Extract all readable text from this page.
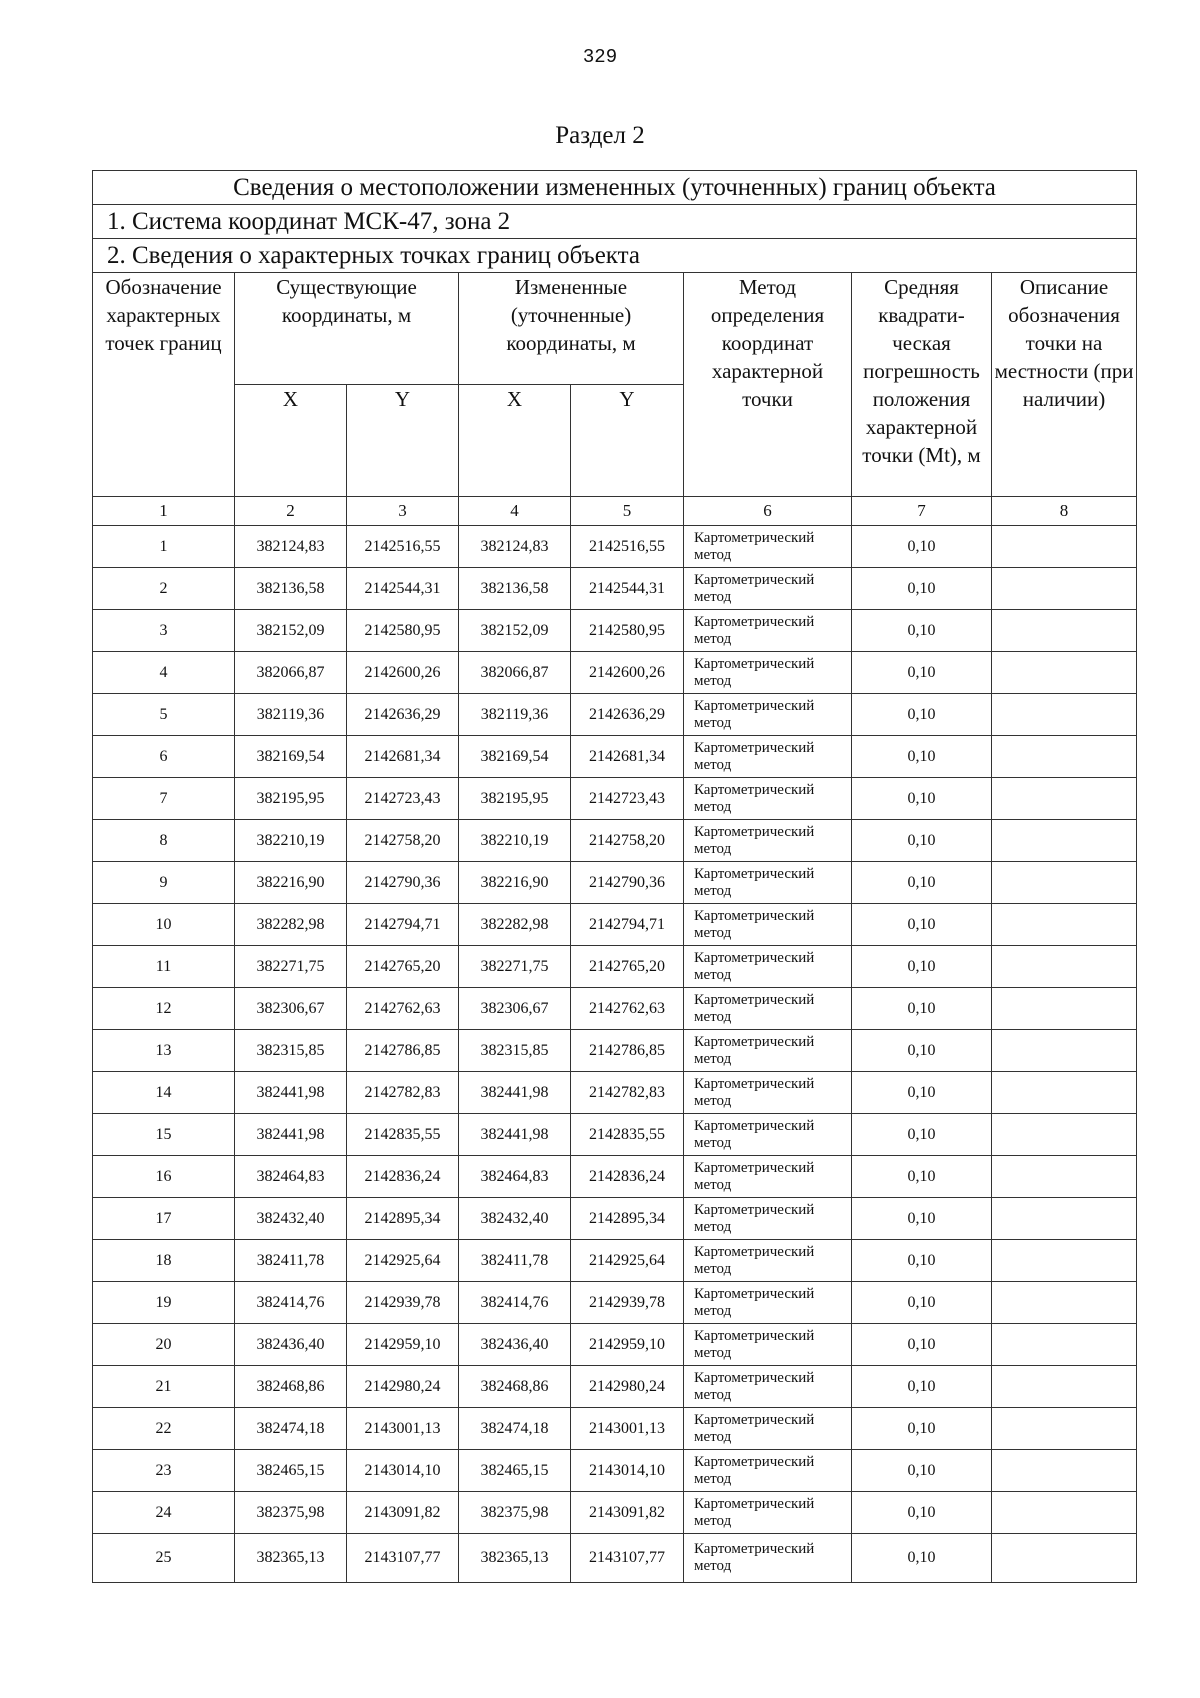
329
Раздел 2
Сведения о местоположении измененных (уточненных) границ объекта							
1. Система координат МСК-47, зона 2							
2. Сведения о характерных точках границ объекта							
Обозначение характерных точек границ	Существующие координаты, м		Измененные (уточненные) координаты, м		Метод определения координат характерной точки	Средняя квадрати- ческая погрешность положения характерной точки (Mt), м	Описание обозначения точки на местности (при наличии)
	X	Y	X	Y			
1	2	3	4	5	6	7	8
1	382124,83	2142516,55	382124,83	2142516,55	Картометрический метод	0,10	
2	382136,58	2142544,31	382136,58	2142544,31	Картометрический метод	0,10	
3	382152,09	2142580,95	382152,09	2142580,95	Картометрический метод	0,10	
4	382066,87	2142600,26	382066,87	2142600,26	Картометрический метод	0,10	
5	382119,36	2142636,29	382119,36	2142636,29	Картометрический метод	0,10	
6	382169,54	2142681,34	382169,54	2142681,34	Картометрический метод	0,10	
7	382195,95	2142723,43	382195,95	2142723,43	Картометрический метод	0,10	
8	382210,19	2142758,20	382210,19	2142758,20	Картометрический метод	0,10	
9	382216,90	2142790,36	382216,90	2142790,36	Картометрический метод	0,10	
10	382282,98	2142794,71	382282,98	2142794,71	Картометрический метод	0,10	
11	382271,75	2142765,20	382271,75	2142765,20	Картометрический метод	0,10	
12	382306,67	2142762,63	382306,67	2142762,63	Картометрический метод	0,10	
13	382315,85	2142786,85	382315,85	2142786,85	Картометрический метод	0,10	
14	382441,98	2142782,83	382441,98	2142782,83	Картометрический метод	0,10	
15	382441,98	2142835,55	382441,98	2142835,55	Картометрический метод	0,10	
16	382464,83	2142836,24	382464,83	2142836,24	Картометрический метод	0,10	
17	382432,40	2142895,34	382432,40	2142895,34	Картометрический метод	0,10	
18	382411,78	2142925,64	382411,78	2142925,64	Картометрический метод	0,10	
19	382414,76	2142939,78	382414,76	2142939,78	Картометрический метод	0,10	
20	382436,40	2142959,10	382436,40	2142959,10	Картометрический метод	0,10	
21	382468,86	2142980,24	382468,86	2142980,24	Картометрический метод	0,10	
22	382474,18	2143001,13	382474,18	2143001,13	Картометрический метод	0,10	
23	382465,15	2143014,10	382465,15	2143014,10	Картометрический метод	0,10	
24	382375,98	2143091,82	382375,98	2143091,82	Картометрический метод	0,10	
25	382365,13	2143107,77	382365,13	2143107,77	Картометрический метод	0,10	
